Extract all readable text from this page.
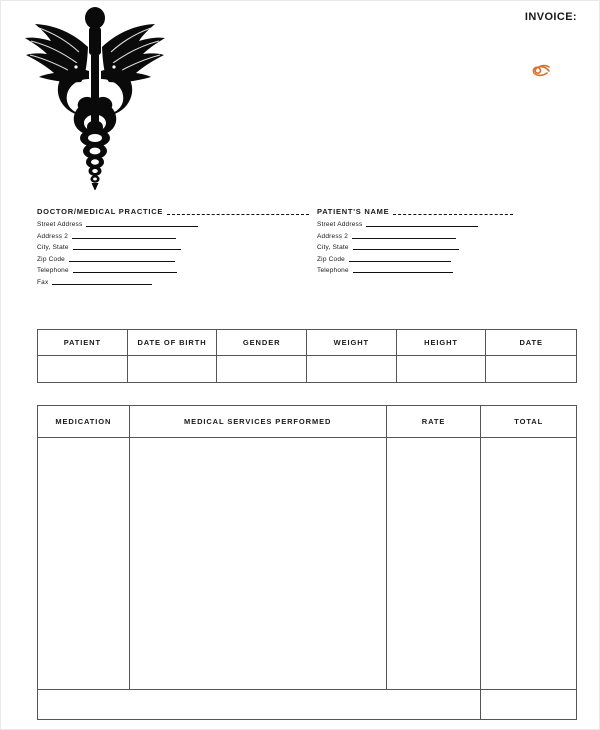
INVOICE:
DOCTOR/MEDICAL PRACTICE
Street Address
Address 2
City, State
Zip Code
Telephone
Fax
PATIENT'S NAME
Street Address
Address 2
City, State
Zip Code
Telephone
PATIENT	DATE OF BIRTH	GENDER	WEIGHT	HEIGHT	DATE
MEDICATION	MEDICAL SERVICES PERFORMED	RATE	TOTAL
